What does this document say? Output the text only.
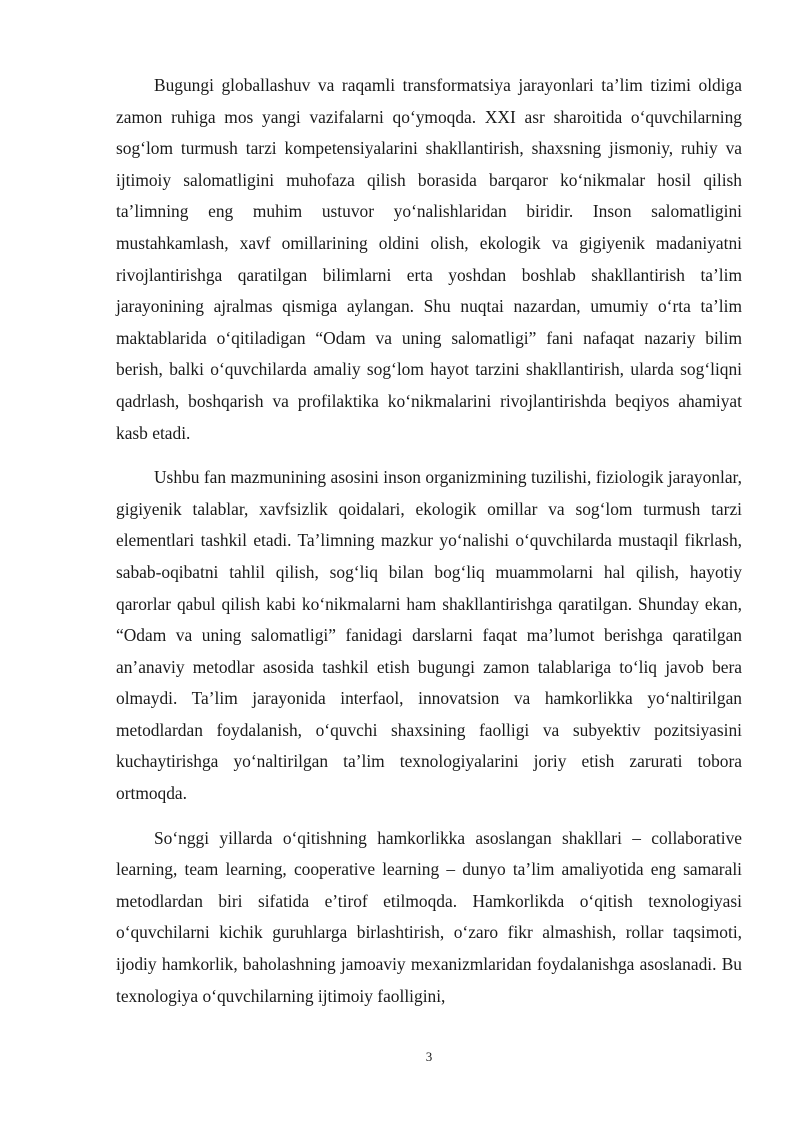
Bugungi globallashuv va raqamli transformatsiya jarayonlari ta’lim tizimi oldiga zamon ruhiga mos yangi vazifalarni qo‘ymoqda. XXI asr sharoitida o‘quvchilarning sog‘lom turmush tarzi kompetensiyalarini shakllantirish, shaxsning jismoniy, ruhiy va ijtimoiy salomatligini muhofaza qilish borasida barqaror ko‘nikmalar hosil qilish ta’limning eng muhim ustuvor yo‘nalishlaridan biridir. Inson salomatligini mustahkamlash, xavf omillarining oldini olish, ekologik va gigiyenik madaniyatni rivojlantirishga qaratilgan bilimlarni erta yoshdan boshlab shakllantirish ta’lim jarayonining ajralmas qismiga aylangan. Shu nuqtai nazardan, umumiy o‘rta ta’lim maktablarida o‘qitiladigan “Odam va uning salomatligi” fani nafaqat nazariy bilim berish, balki o‘quvchilarda amaliy sog‘lom hayot tarzini shakllantirish, ularda sog‘liqni qadrlash, boshqarish va profilaktika ko‘nikmalarini rivojlantirishda beqiyos ahamiyat kasb etadi.

Ushbu fan mazmunining asosini inson organizmining tuzilishi, fiziologik jarayonlar, gigiyenik talablar, xavfsizlik qoidalari, ekologik omillar va sog‘lom turmush tarzi elementlari tashkil etadi. Ta’limning mazkur yo‘nalishi o‘quvchilarda mustaqil fikrlash, sabab-oqibatni tahlil qilish, sog‘liq bilan bog‘liq muammolarni hal qilish, hayotiy qarorlar qabul qilish kabi ko‘nikmalarni ham shakllantirishga qaratilgan. Shunday ekan, “Odam va uning salomatligi” fanidagi darslarni faqat ma’lumot berishga qaratilgan an’anaviy metodlar asosida tashkil etish bugungi zamon talablariga to‘liq javob bera olmaydi. Ta’lim jarayonida interfaol, innovatsion va hamkorlikka yo‘naltirilgan metodlardan foydalanish, o‘quvchi shaxsining faolligi va subyektiv pozitsiyasini kuchaytirishga yo‘naltirilgan ta’lim texnologiyalarini joriy etish zarurati tobora ortmoqda.

So‘nggi yillarda o‘qitishning hamkorlikka asoslangan shakllari – collaborative learning, team learning, cooperative learning – dunyo ta’lim amaliyotida eng samarali metodlardan biri sifatida e’tirof etilmoqda. Hamkorlikda o‘qitish texnologiyasi o‘quvchilarni kichik guruhlarga birlashtirish, o‘zaro fikr almashish, rollar taqsimoti, ijodiy hamkorlik, baholashning jamoaviy mexanizmlaridan foydalanishga asoslanadi. Bu texnologiya o‘quvchilarning ijtimoiy faolligini,

3
